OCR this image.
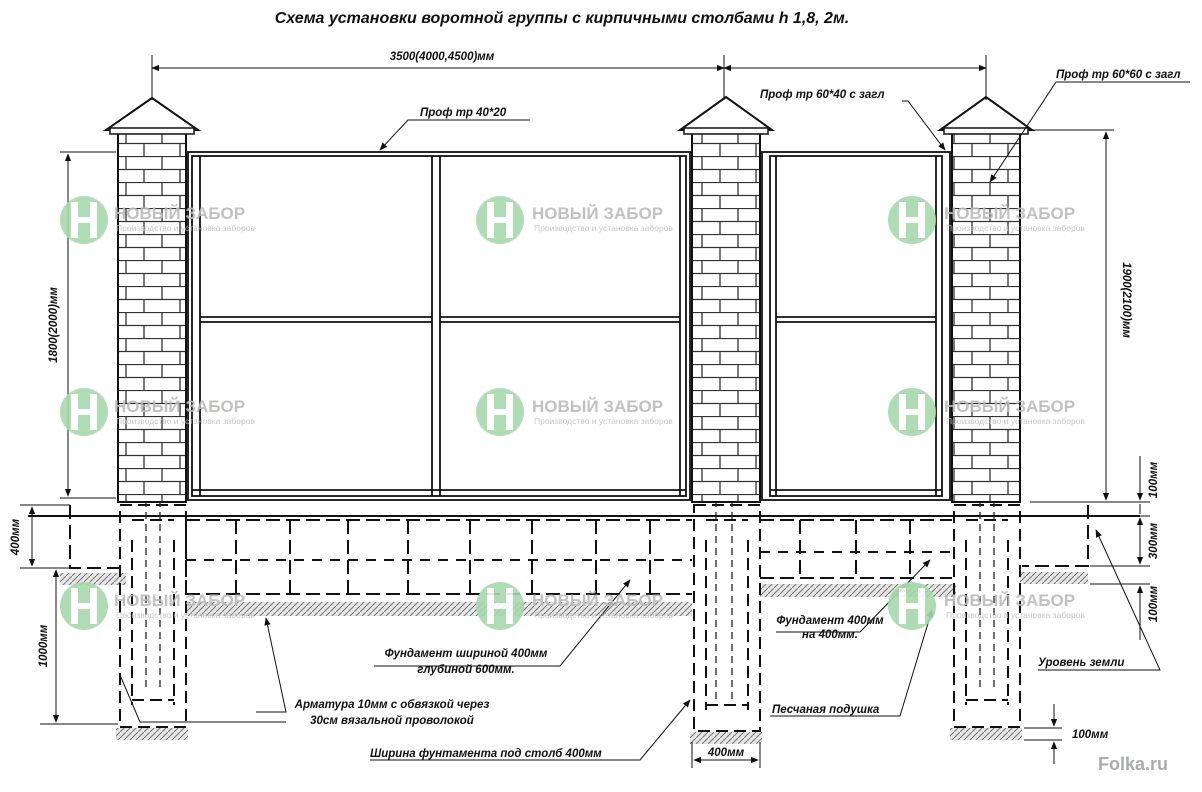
Схема установки воротной группы с кирпичными столбами h 1,8, 2м.
НОВЫЙ ЗАБОР
Производство и установка заборов
НОВЫЙ ЗАБОР
Производство и установка заборов
НОВЫЙ ЗАБОР
Производство и установка заборов
НОВЫЙ ЗАБОР
Производство и установка заборов
НОВЫЙ ЗАБОР
Производство и установка заборов
НОВЫЙ ЗАБОР
Производство и установка заборов
НОВЫЙ ЗАБОР
Производство и установка заборов
НОВЫЙ ЗАБОР
Производство и установка заборов
НОВЫЙ ЗАБОР
Производство и установка заборов
3500(4000,4500)мм
1800(2000)мм	1900(2100)мм
400мм
1000мм
100мм
300мм
100мм
100мм
400мм
Проф тр 40*20
Проф тр 60*40 с загл
Проф тр 60*60 с загл
Фундамент шириной 400мм
глубиной 600мм.
Фундамент 400мм
на 400мм.
Уровень земли
Арматура 10мм с обвязкой через
30см вязальной проволокой
Песчаная подушка
Ширина фунтамента под столб 400мм	Folka.ru
